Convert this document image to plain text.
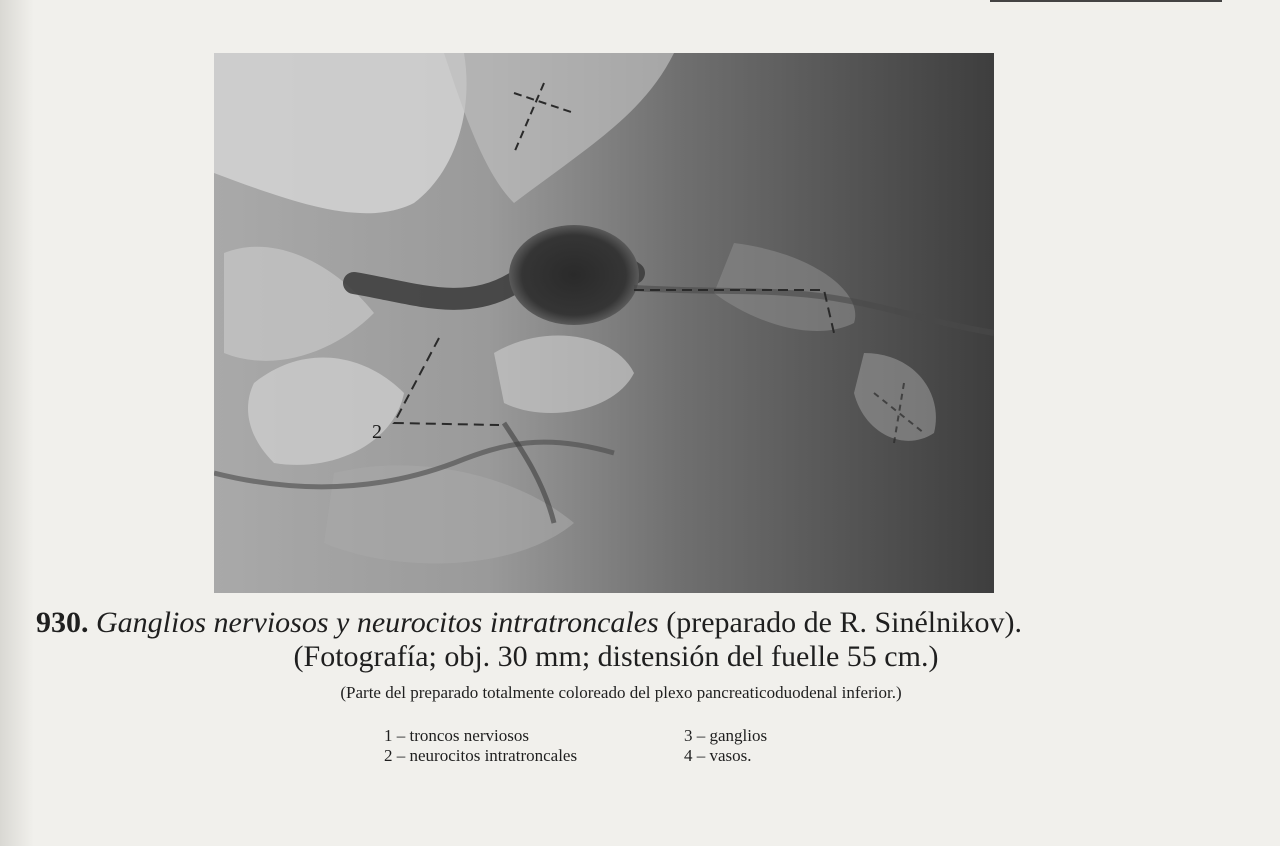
2
930. Ganglios nerviosos y neurocitos intratroncales (preparado de R. Sinélnikov).
(Fotografía; obj. 30 mm; distensión del fuelle 55 cm.)
(Parte del preparado totalmente coloreado del plexo pancreaticoduodenal inferior.)
1 – troncos nerviosos	3 – ganglios
2 – neurocitos intratroncales	4 – vasos.
